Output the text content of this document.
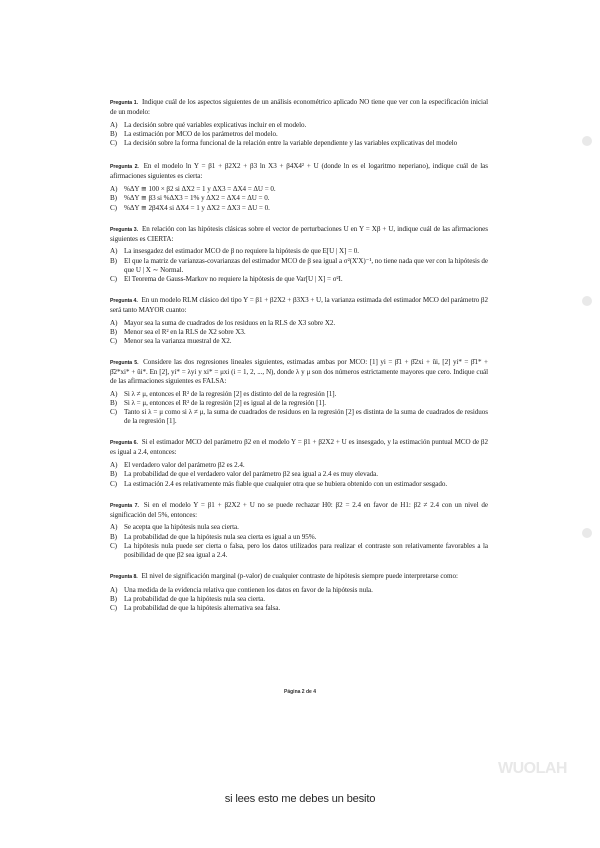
Pregunta 1. Indique cuál de los aspectos siguientes de un análisis econométrico aplicado NO tiene que ver con la especificación inicial de un modelo:
A) La decisión sobre qué variables explicativas incluir en el modelo.
B) La estimación por MCO de los parámetros del modelo.
C) La decisión sobre la forma funcional de la relación entre la variable dependiente y las variables explicativas del modelo
Pregunta 2. En el modelo ln Y = β1 + β2X2 + β3 ln X3 + β4X4² + U (donde ln es el logaritmo neperiano), indique cuál de las afirmaciones siguientes es cierta:
A) %ΔY ≅ 100 × β2 si ΔX2 = 1 y ΔX3 = ΔX4 = ΔU = 0.
B) %ΔY ≅ β3 si %ΔX3 = 1% y ΔX2 = ΔX4 = ΔU = 0.
C) %ΔY ≅ 2β4X4 si ΔX4 = 1 y ΔX2 = ΔX3 = ΔU = 0.
Pregunta 3. En relación con las hipótesis clásicas sobre el vector de perturbaciones U en Y = Xβ + U, indique cuál de las afirmaciones siguientes es CIERTA:
A) La insesgadez del estimador MCO de β no requiere la hipótesis de que E[U | X] = 0.
B) El que la matriz de varianzas-covarianzas del estimador MCO de β sea igual a σ²(X'X)⁻¹, no tiene nada que ver con la hipótesis de que U | X ∼ Normal.
C) El Teorema de Gauss-Markov no requiere la hipótesis de que Var[U | X] = σ²I.
Pregunta 4. En un modelo RLM clásico del tipo Y = β1 + β2X2 + β3X3 + U, la varianza estimada del estimador MCO del parámetro β2 será tanto MAYOR cuanto:
A) Mayor sea la suma de cuadrados de los residuos en la RLS de X3 sobre X2.
B) Menor sea el R² en la RLS de X2 sobre X3.
C) Menor sea la varianza muestral de X2.
Pregunta 5. Considere las dos regresiones lineales siguientes, estimadas ambas por MCO: [1] yi = β̂1 + β̂2xi + ûi, [2] yi* = β̂1* + β̂2*xi* + ûi*. En [2], yi* = λyi y xi* = μxi (i = 1, 2, ..., N), donde λ y μ son dos números estrictamente mayores que cero. Indique cuál de las afirmaciones siguientes es FALSA:
A) Si λ ≠ μ, entonces el R² de la regresión [2] es distinto del de la regresión [1].
B) Si λ = μ, entonces el R² de la regresión [2] es igual al de la regresión [1].
C) Tanto si λ = μ como si λ ≠ μ, la suma de cuadrados de residuos en la regresión [2] es distinta de la suma de cuadrados de residuos de la regresión [1].
Pregunta 6. Si el estimador MCO del parámetro β2 en el modelo Y = β1 + β2X2 + U es insesgado, y la estimación puntual MCO de β2 es igual a 2.4, entonces:
A) El verdadero valor del parámetro β2 es 2.4.
B) La probabilidad de que el verdadero valor del parámetro β2 sea igual a 2.4 es muy elevada.
C) La estimación 2.4 es relativamente más fiable que cualquier otra que se hubiera obtenido con un estimador sesgado.
Pregunta 7. Si en el modelo Y = β1 + β2X2 + U no se puede rechazar H0: β2 = 2.4 en favor de H1: β2 ≠ 2.4 con un nivel de significación del 5%, entonces:
A) Se acepta que la hipótesis nula sea cierta.
B) La probabilidad de que la hipótesis nula sea cierta es igual a un 95%.
C) La hipótesis nula puede ser cierta o falsa, pero los datos utilizados para realizar el contraste son relativamente favorables a la posibilidad de que β2 sea igual a 2.4.
Pregunta 8. El nivel de significación marginal (p-valor) de cualquier contraste de hipótesis siempre puede interpretarse como:
A) Una medida de la evidencia relativa que contienen los datos en favor de la hipótesis nula.
B) La probabilidad de que la hipótesis nula sea cierta.
C) La probabilidad de que la hipótesis alternativa sea falsa.
Página 2 de 4
WUOLAH
si lees esto me debes un besito
